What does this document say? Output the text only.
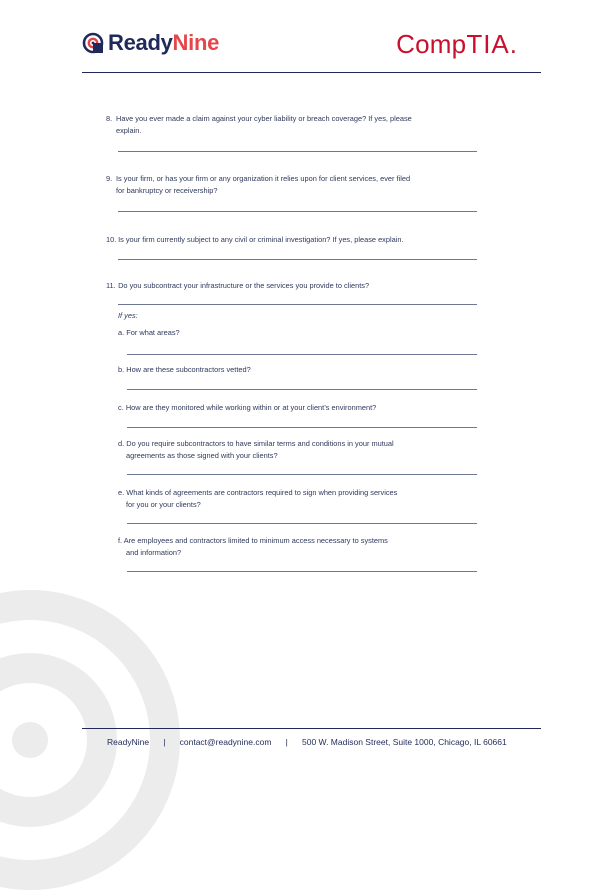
ReadyNine	CompTIA.
8. Have you ever made a claim against your cyber liability or breach coverage? If yes, please
explain.
9. Is your firm, or has your firm or any organization it relies upon for client services, ever filed
for bankruptcy or receivership?
10. Is your firm currently subject to any civil or criminal investigation? If yes, please explain.
11. Do you subcontract your infrastructure or the services you provide to clients?
If yes:
a. For what areas?
b. How are these subcontractors vetted?
c. How are they monitored while working within or at your client’s environment?
d. Do you require subcontractors to have similar terms and conditions in your mutual
agreements as those signed with your clients?
e. What kinds of agreements are contractors required to sign when providing services
for you or your clients?
f. Are employees and contractors limited to minimum access necessary to systems
and information?
ReadyNine | contact@readynine.com | 500 W. Madison Street, Suite 1000, Chicago, IL 60661
